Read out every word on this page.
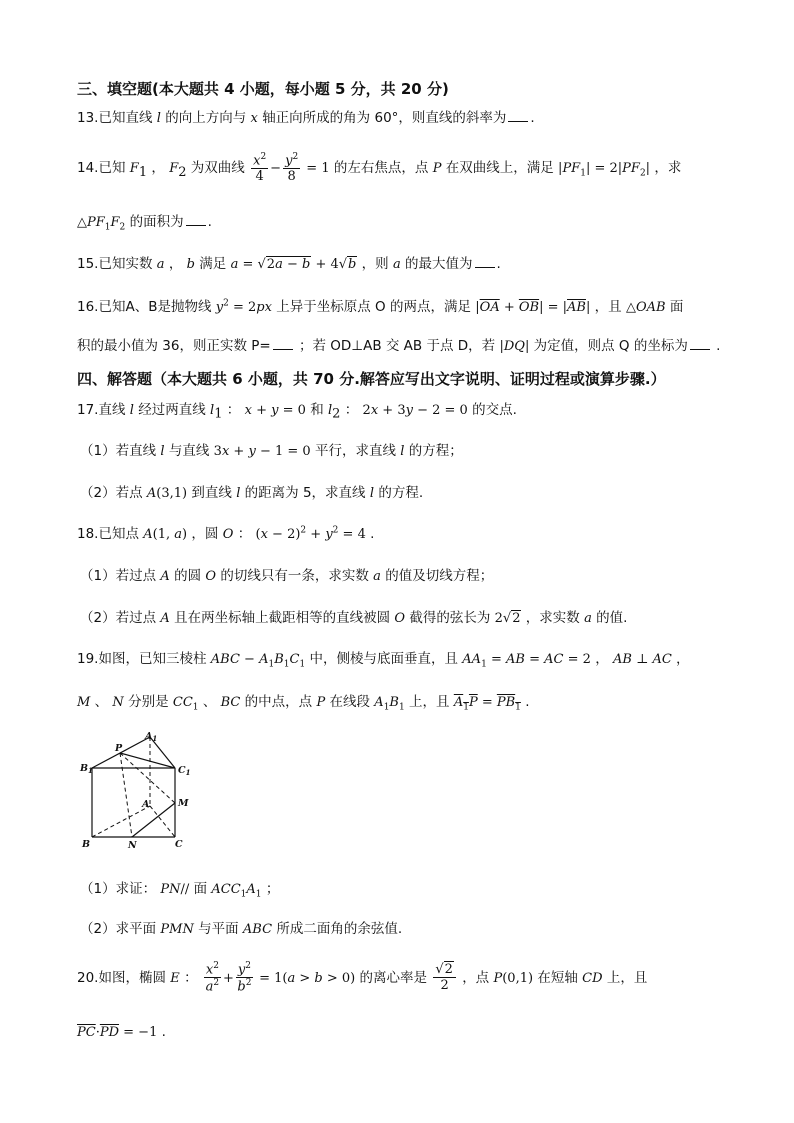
三、填空题(本大题共 4 小题，每小题 5 分，共 20 分)
13.已知直线 l 的向上方向与 x 轴正向所成的角为 60°，则直线的斜率为 .
14.已知 $F_1$ ， $F_2$ 为双曲线 $\frac{x^2}{4} - \frac{y^2}{8} = 1$ 的左右焦点，点 P 在双曲线上，满足 $|PF_1| = 2|PF_2|$ ，求
$\triangle PF_1F_2$ 的面积为 .
15.已知实数 a ， b 满足 a = √2a − b + 4√b ，则 a 的最大值为 .
16.已知A、B是抛物线 $y^2 = 2px$ 上异于坐标原点 O 的两点，满足 $|\overline{OA} + \overline{OB}| = |\overline{AB}|$ ，且 △OAB 面
积的最小值为 36，则正实数 P= ；若 OD⊥AB 交 AB 于点 D，若 |DQ| 为定值，则点 Q 的坐标为 .
四、解答题（本大题共 6 小题，共 70 分.解答应写出文字说明、证明过程或演算步骤.）
17.直线 l 经过两直线 $l_1$ ： x + y = 0 和 $l_2$ ： 2x + 3y − 2 = 0 的交点.
（1）若直线 l 与直线 3x + y − 1 = 0 平行，求直线 l 的方程；
（2）若点 A(3,1) 到直线 l 的距离为 5，求直线 l 的方程.
18.已知点 A(1, a) ，圆 O ： $(x - 2)^2 + y^2 = 4$ .
（1）若过点 A 的圆 O 的切线只有一条，求实数 a 的值及切线方程；
（2）若过点 A 且在两坐标轴上截距相等的直线被圆 O 截得的弦长为 2√2 ，求实数 a 的值.
19.如图，已知三棱柱 ABC − $A_1B_1C_1$ 中，侧棱与底面垂直，且 $AA_1$ = AB = AC = 2 ， AB ⊥ AC ，
M 、 N 分别是 $CC_1$ 、 BC 的中点，点 P 在线段 $A_1B_1$ 上，且 $A_1P = PB_1$ .
$A_1$
$B_1$	$C_1$
P
A	M
B	N	C
（1）求证： PN// 面 $ACC_1A_1$ ；
（2）求平面 PMN 与平面 ABC 所成二面角的余弦值.
20.如图，椭圆 E ： $\frac{x^2}{a^2} + \frac{y^2}{b^2} = 1(a > b > 0)$ 的离心率是 $\frac{√2}{2}$ ，点 P(0,1) 在短轴 CD 上，且
$\overline{PC}\cdot\overline{PD} = -1$ .
